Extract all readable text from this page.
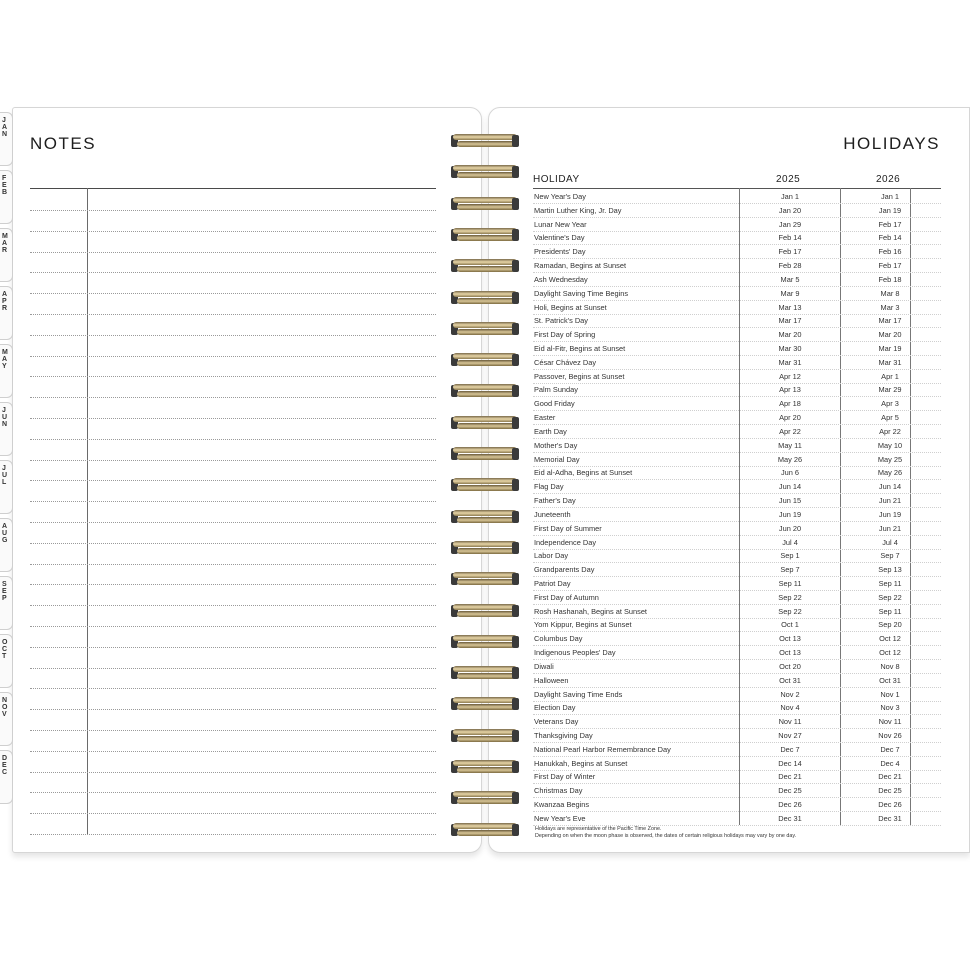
JAN
FEB
MAR
APR
MAY
JUN
JUL
AUG
SEP
OCT
NOV
DEC
NOTES	HOLIDAYS
HOLIDAY	2025	2026
New Year's Day	Jan 1	Jan 1
Martin Luther King, Jr. Day	Jan 20	Jan 19
Lunar New Year	Jan 29	Feb 17
Valentine's Day	Feb 14	Feb 14
Presidents' Day	Feb 17	Feb 16
Ramadan, Begins at Sunset	Feb 28	Feb 17
Ash Wednesday	Mar 5	Feb 18
Daylight Saving Time Begins	Mar 9	Mar 8
Holi, Begins at Sunset	Mar 13	Mar 3
St. Patrick's Day	Mar 17	Mar 17
First Day of Spring	Mar 20	Mar 20
Eid al-Fitr, Begins at Sunset	Mar 30	Mar 19
César Chávez Day	Mar 31	Mar 31
Passover, Begins at Sunset	Apr 12	Apr 1
Palm Sunday	Apr 13	Mar 29
Good Friday	Apr 18	Apr 3
Easter	Apr 20	Apr 5
Earth Day	Apr 22	Apr 22
Mother's Day	May 11	May 10
Memorial Day	May 26	May 25
Eid al-Adha, Begins at Sunset	Jun 6	May 26
Flag Day	Jun 14	Jun 14
Father's Day	Jun 15	Jun 21
Juneteenth	Jun 19	Jun 19
First Day of Summer	Jun 20	Jun 21
Independence Day	Jul 4	Jul 4
Labor Day	Sep 1	Sep 7
Grandparents Day	Sep 7	Sep 13
Patriot Day	Sep 11	Sep 11
First Day of Autumn	Sep 22	Sep 22
Rosh Hashanah, Begins at Sunset	Sep 22	Sep 11
Yom Kippur, Begins at Sunset	Oct 1	Sep 20
Columbus Day	Oct 13	Oct 12
Indigenous Peoples' Day	Oct 13	Oct 12
Diwali	Oct 20	Nov 8
Halloween	Oct 31	Oct 31
Daylight Saving Time Ends	Nov 2	Nov 1
Election Day	Nov 4	Nov 3
Veterans Day	Nov 11	Nov 11
Thanksgiving Day	Nov 27	Nov 26
National Pearl Harbor Remembrance Day	Dec 7	Dec 7
Hanukkah, Begins at Sunset	Dec 14	Dec 4
First Day of Winter	Dec 21	Dec 21
Christmas Day	Dec 25	Dec 25
Kwanzaa Begins	Dec 26	Dec 26
New Year's Eve	Dec 31	Dec 31
Holidays are representative of the Pacific Time Zone.
Depending on when the moon phase is observed, the dates of certain religious holidays may vary by one day.
